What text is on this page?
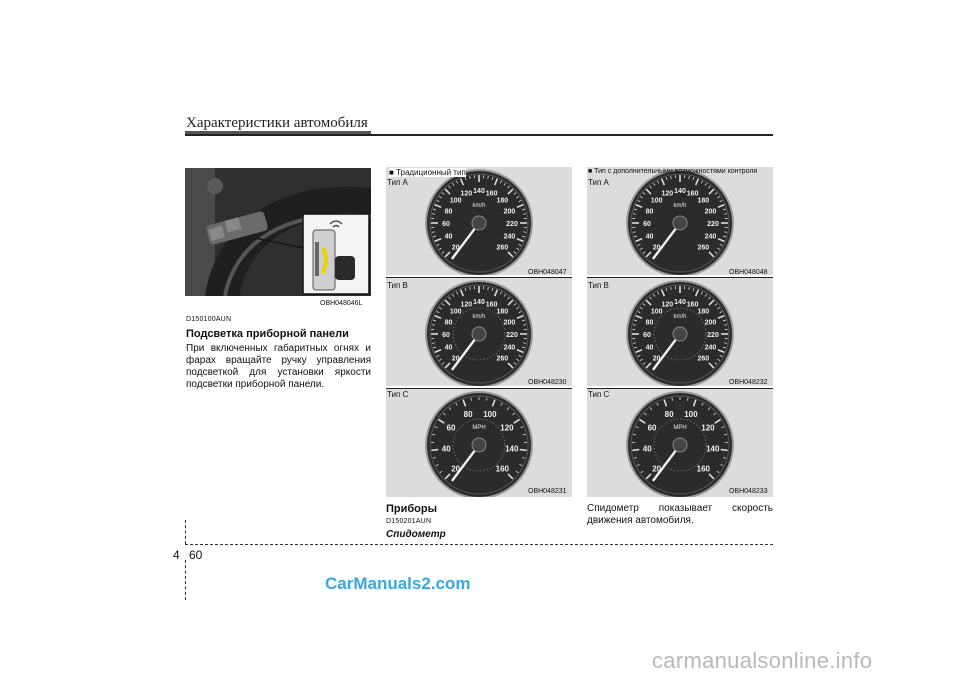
Характеристики автомобиля
OBH048046L
D150100AUN
Подсветка приборной панели
При включенных габаритных огнях и фарах вращайте ручку управления подсветкой для установки яркости подсветки приборной панели.
■ Традиционный тип
20
40
60
80
100
120 140 160
180
200
220
240
260
km/h
Тип A
OBH048047
20
40
60
80
100
120 140 160
180
200
220
240
260
km/h
Тип B
OBH048230
20
40
60
80 100
120
140
160
MPH
Тип C
OBH048231
Приборы
D150201AUN
Спидометр
■ Тип с дополнительными возможностями контроля
20
40
60
80
100
120 140 160
180
200
220
240
260
km/h
Тип A
OBH048048
20
40
60
80
100
120 140 160
180
200
220
240
260
km/h
Тип B
OBH048232
20
40
60
80 100
120
140
160
MPH
Тип C
OBH048233
Спидометр показывает скорость движения автомобиля.
4 60
CarManuals2.com
carmanualsonline.info
